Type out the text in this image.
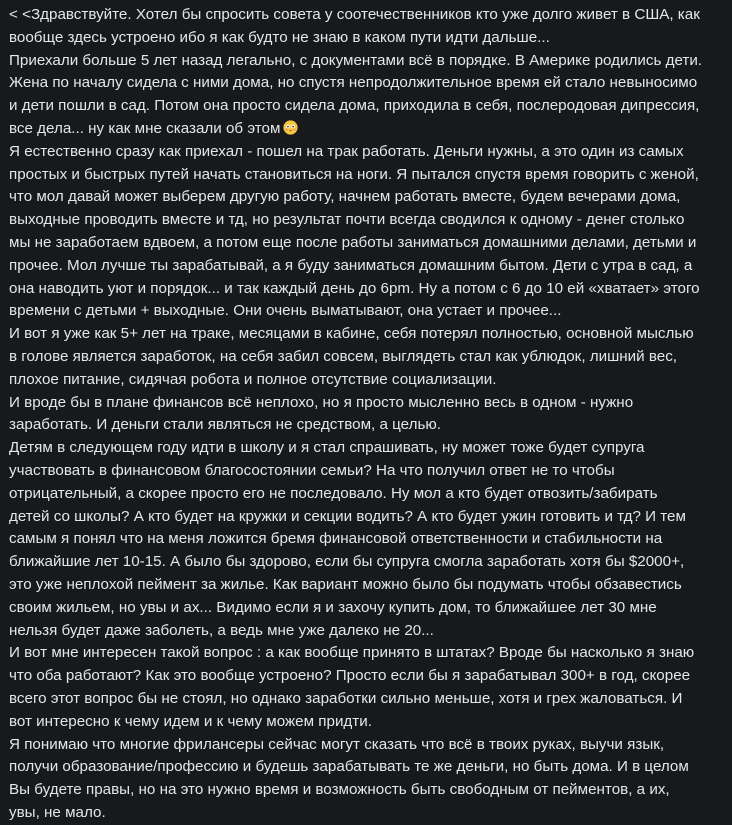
< <Здравствуйте. Хотел бы спросить совета у соотечественников кто уже долго живет в США, как
вообще здесь устроено ибо я как будто не знаю в каком пути идти дальше...
Приехали больше 5 лет назад легально, с документами всё в порядке. В Америке родились дети.
Жена по началу сидела с ними дома, но спустя непродолжительное время ей стало невыносимо
и дети пошли в сад. Потом она просто сидела дома, приходила в себя, послеродовая дипрессия,
все дела... ну как мне сказали об этом
Я естественно сразу как приехал - пошел на трак работать. Деньги нужны, а это один из самых
простых и быстрых путей начать становиться на ноги. Я пытался спустя время говорить с женой,
что мол давай может выберем другую работу, начнем работать вместе, будем вечерами дома,
выходные проводить вместе и тд, но результат почти всегда сводился к одному - денег столько
мы не заработаем вдвоем, а потом еще после работы заниматься домашними делами, детьми и
прочее. Мол лучше ты зарабатывай, а я буду заниматься домашним бытом. Дети с утра в сад, а
она наводить уют и порядок... и так каждый день до 6pm. Ну а потом с 6 до 10 ей «хватает» этого
времени с детьми + выходные. Они очень выматывают, она устает и прочее...
И вот я уже как 5+ лет на траке, месяцами в кабине, себя потерял полностью, основной мыслью
в голове является заработок, на себя забил совсем, выглядеть стал как ублюдок, лишний вес,
плохое питание, сидячая робота и полное отсутствие социализации.
И вроде бы в плане финансов всё неплохо, но я просто мысленно весь в одном - нужно
заработать. И деньги стали являться не средством, а целью.
Детям в следующем году идти в школу и я стал спрашивать, ну может тоже будет супруга
участвовать в финансовом благосостоянии семьи? На что получил ответ не то чтобы
отрицательный, а скорее просто его не последовало. Ну мол а кто будет отвозить/забирать
детей со школы? А кто будет на кружки и секции водить? А кто будет ужин готовить и тд? И тем
самым я понял что на меня ложится бремя финансовой ответственности и стабильности на
ближайшие лет 10-15. А было бы здорово, если бы супруга смогла заработать хотя бы $2000+,
это уже неплохой пеймент за жилье. Как вариант можно было бы подумать чтобы обзавестись
своим жильем, но увы и ах... Видимо если я и захочу купить дом, то ближайшее лет 30 мне
нельзя будет даже заболеть, а ведь мне уже далеко не 20...
И вот мне интересен такой вопрос : а как вообще принято в штатах? Вроде бы насколько я знаю
что оба работают? Как это вообще устроено? Просто если бы я зарабатывал 300+ в год, скорее
всего этот вопрос бы не стоял, но однако заработки сильно меньше, хотя и грех жаловаться. И
вот интересно к чему идем и к чему можем придти.
Я понимаю что многие фрилансеры сейчас могут сказать что всё в твоих руках, выучи язык,
получи образование/профессию и будешь зарабатывать те же деньги, но быть дома. И в целом
Вы будете правы, но на это нужно время и возможность быть свободным от пейментов, а их,
увы, не мало.
